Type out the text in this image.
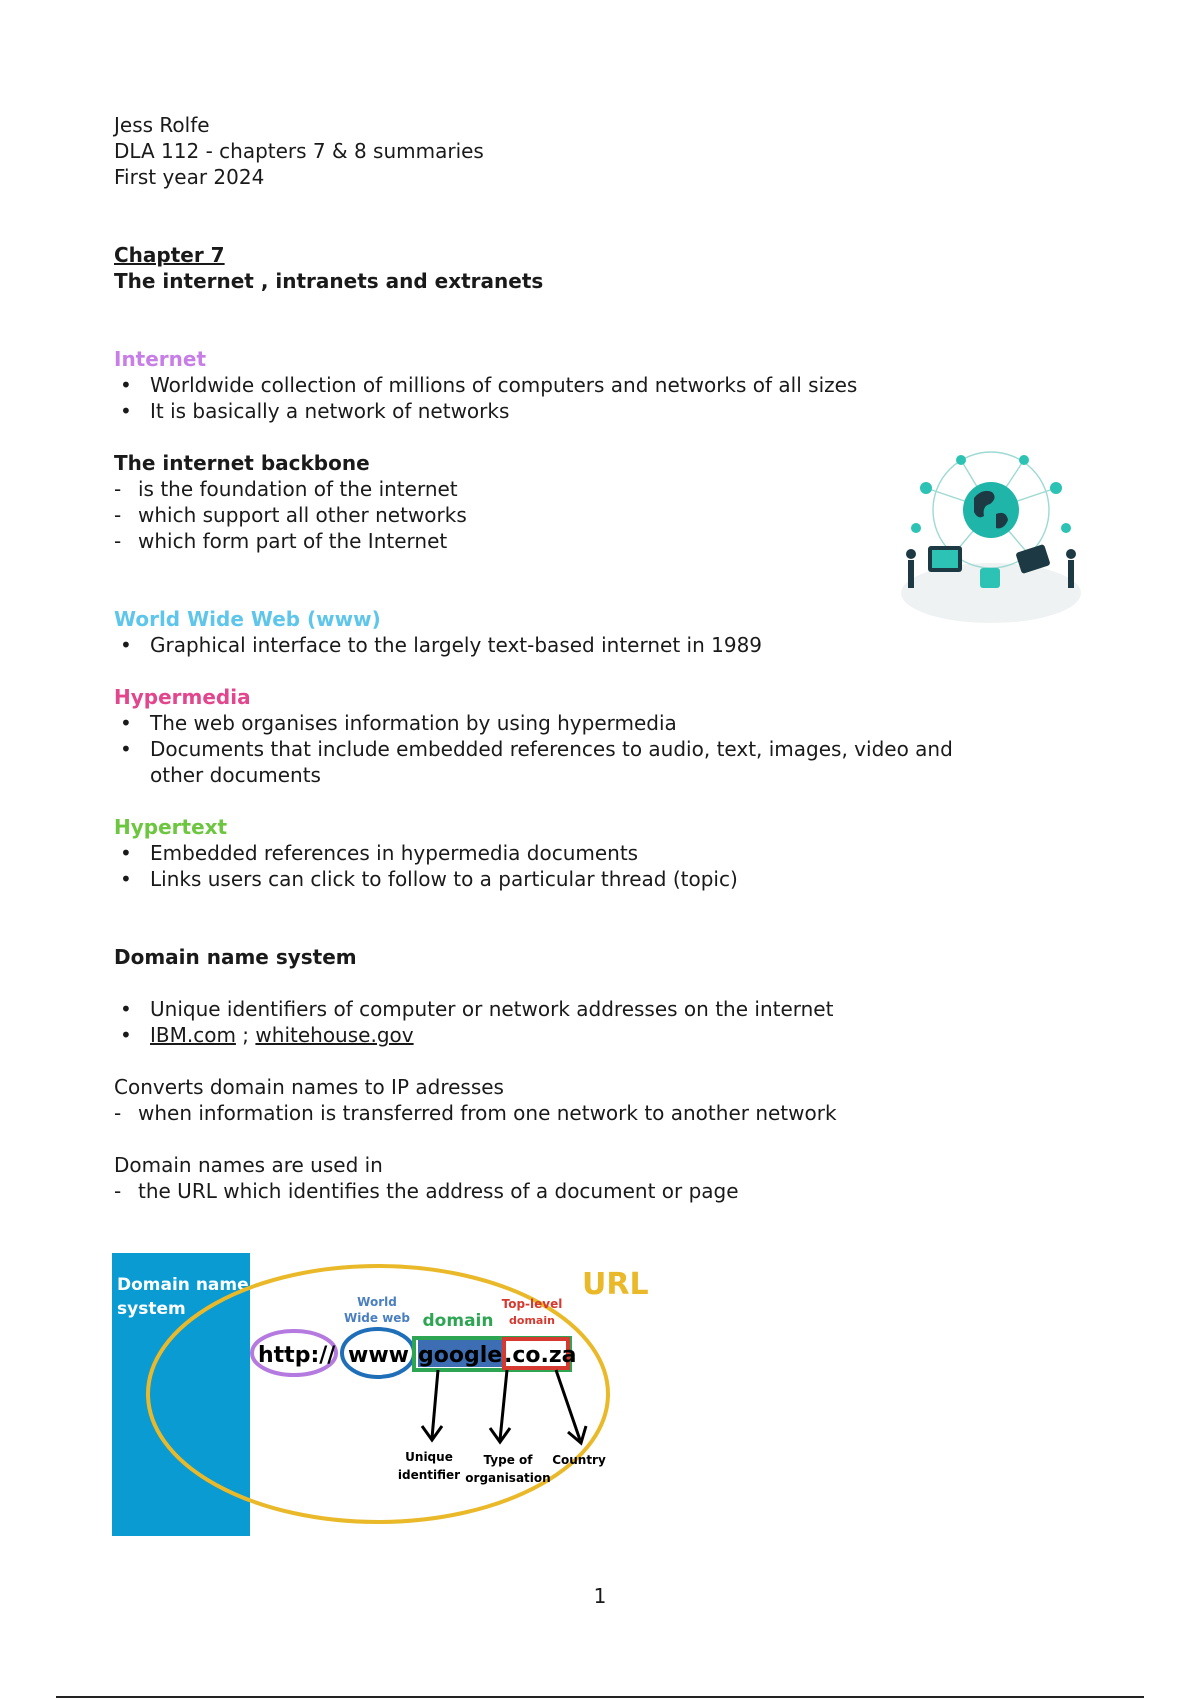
Jess Rolfe

DLA 112 - chapters 7 & 8 summaries

First year 2024

Chapter 7

The internet , intranets and extranets

Internet

• Worldwide collection of millions of computers and networks of all sizes
• It is basically a network of networks

The internet backbone

- is the foundation of the internet
- which support all other networks
- which form part of the Internet

World Wide Web (www)

• Graphical interface to the largely text-based internet in 1989

Hypermedia

• The web organises information by using hypermedia
• Documents that include embedded references to audio, text, images, video and
other documents

Hypertext

• Embedded references in hypermedia documents
• Links users can click to follow to a particular thread (topic)

Domain name system

• Unique identifiers of computer or network addresses on the internet
• IBM.com ; whitehouse.gov

Converts domain names to IP adresses

- when information is transferred from one network to another network

Domain names are used in

- the URL which identifies the address of a document or page
Domain name system
URL
World
Wide web domain
Top-level
domain
http:// www google .co.za
Unique
identifier
Type of
organisation
Country
1
